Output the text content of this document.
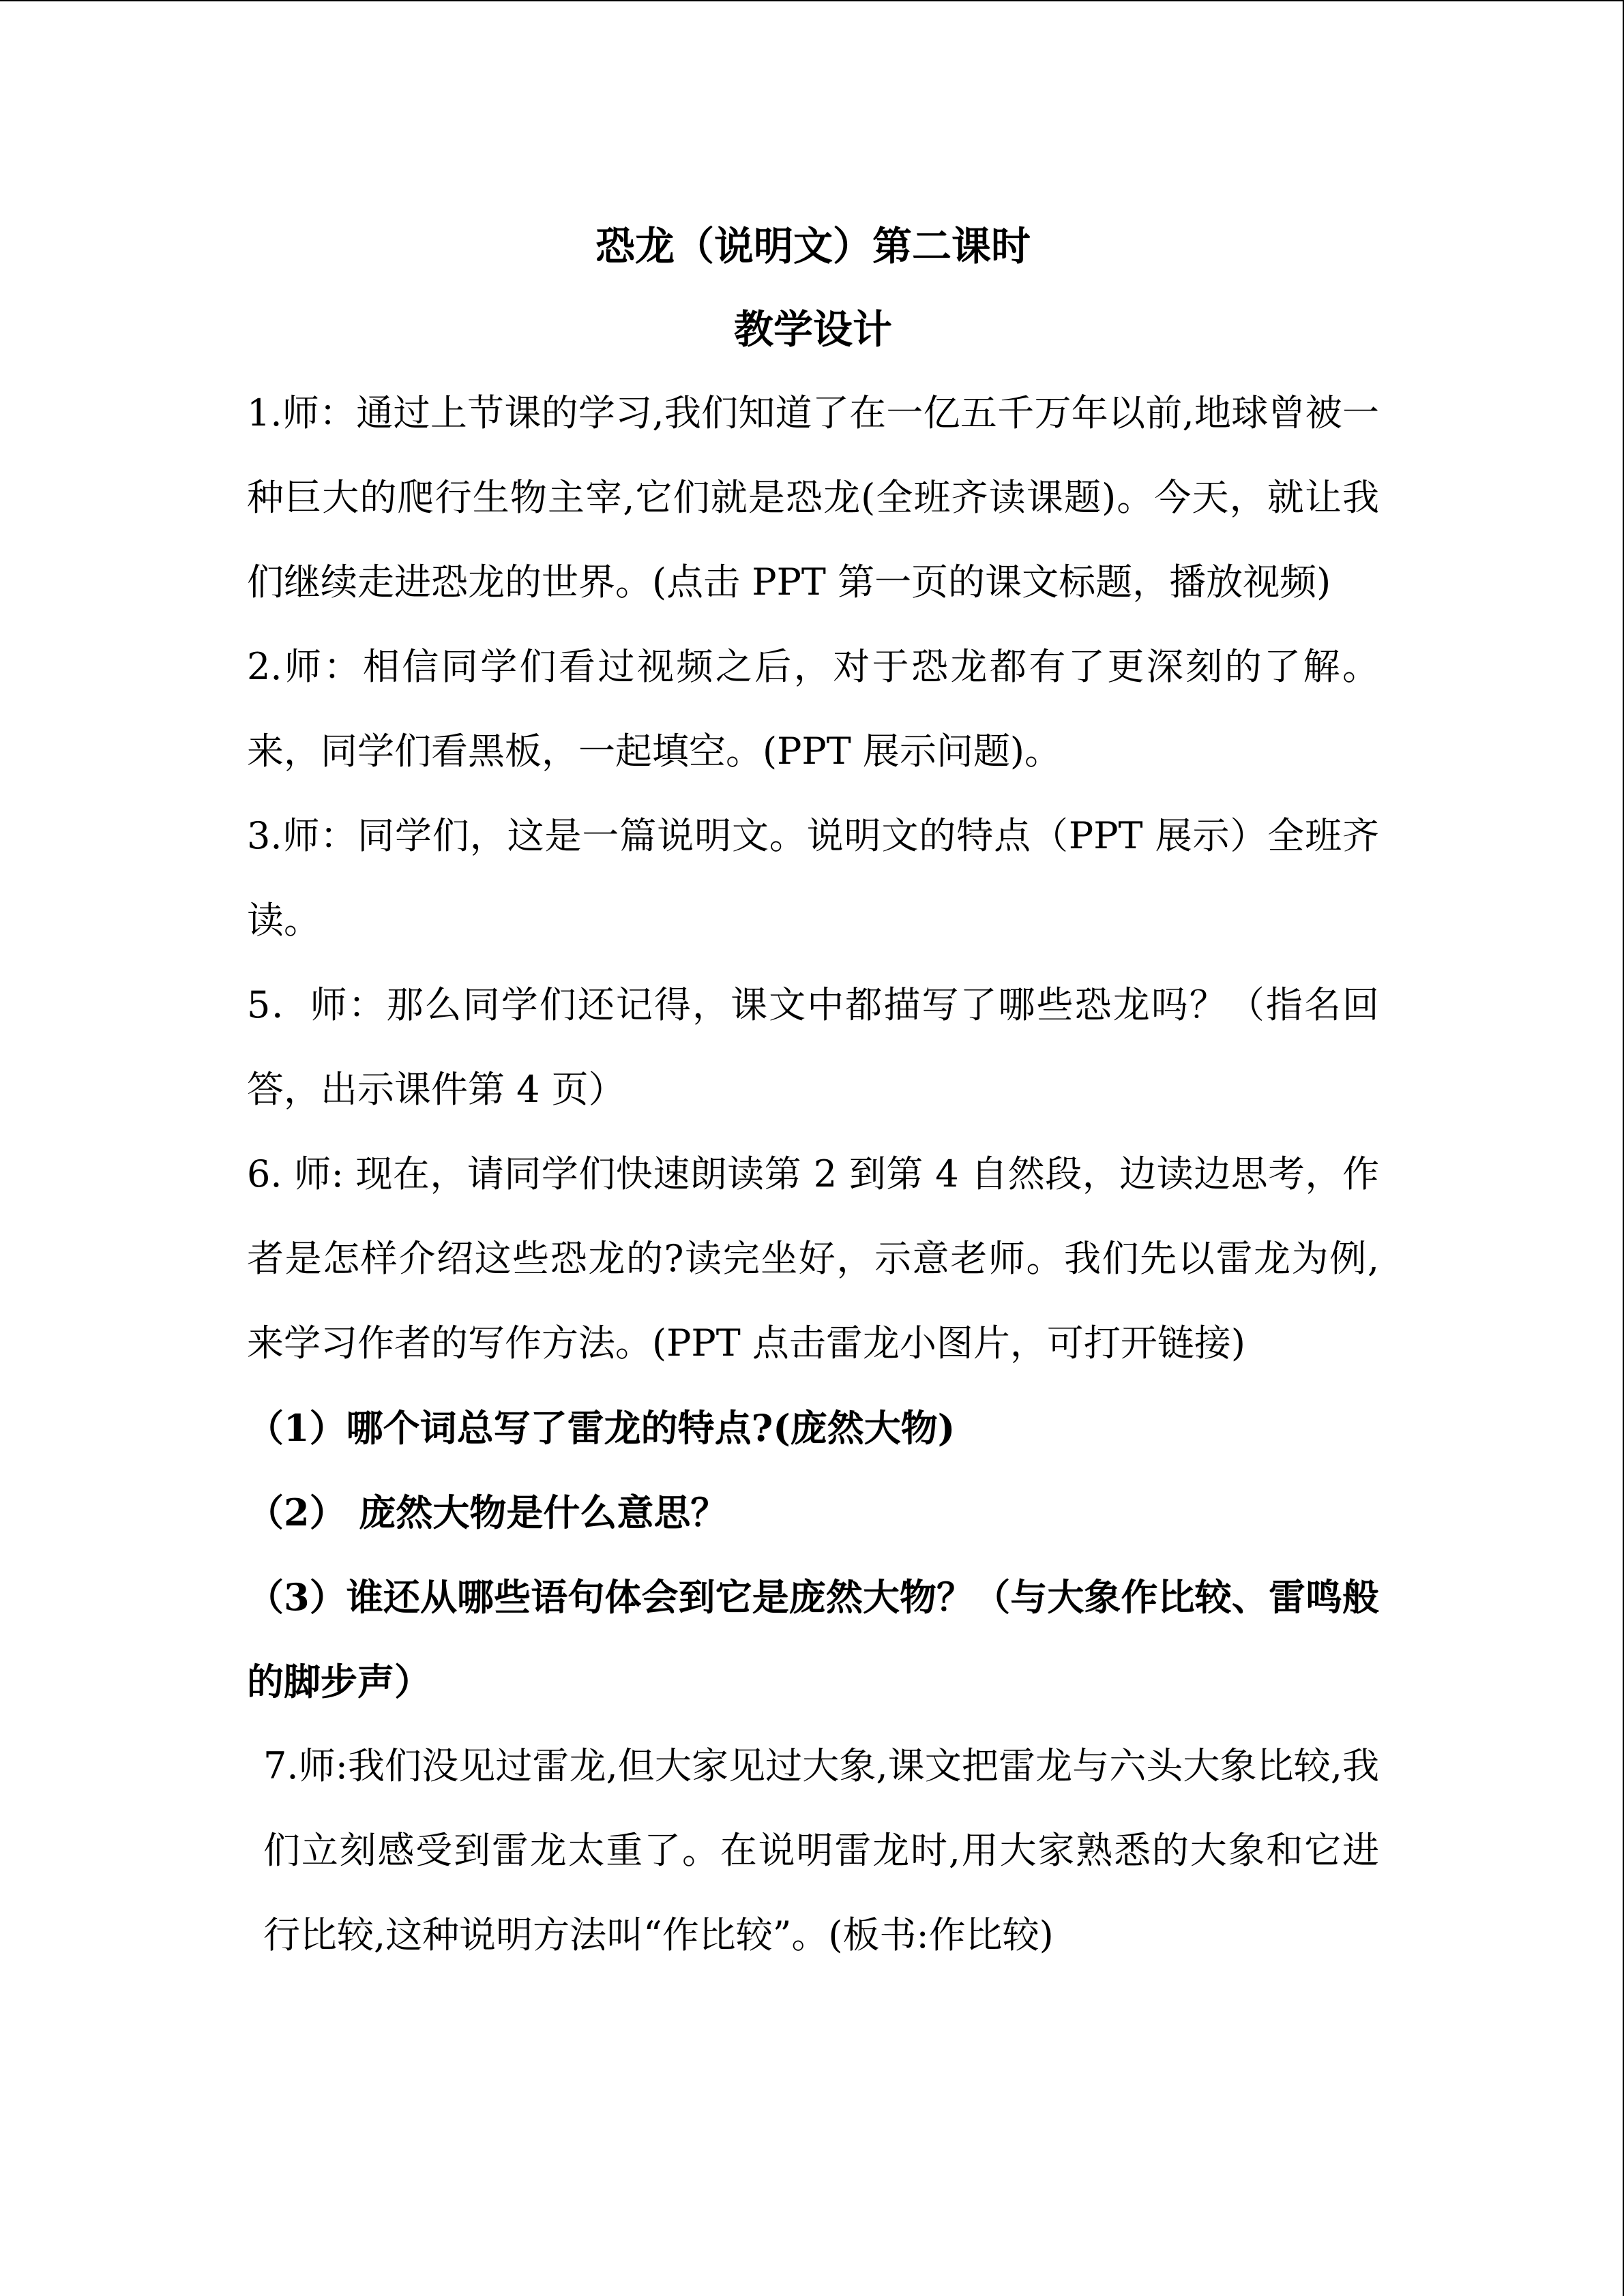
恐龙（说明文）第二课时
教学设计

1.师：通过上节课的学习,我们知道了在一亿五千万年以前,地球曾被一种巨大的爬行生物主宰,它们就是恐龙(全班齐读课题)。今天，就让我们继续走进恐龙的世界。(点击 PPT 第一页的课文标题，播放视频)

2.师：相信同学们看过视频之后，对于恐龙都有了更深刻的了解。来，同学们看黑板，一起填空。(PPT 展示问题)。

3.师：同学们，这是一篇说明文。说明文的特点（PPT 展示）全班齐读。

5．师：那么同学们还记得，课文中都描写了哪些恐龙吗？（指名回答，出示课件第 4 页）

6. 师: 现在，请同学们快速朗读第 2 到第 4 自然段，边读边思考，作者是怎样介绍这些恐龙的?读完坐好，示意老师。我们先以雷龙为例,来学习作者的写作方法。(PPT 点击雷龙小图片，可打开链接)

（1）哪个词总写了雷龙的特点?(庞然大物)

（2） 庞然大物是什么意思？

（3）谁还从哪些语句体会到它是庞然大物？（与大象作比较、雷鸣般的脚步声）

7.师:我们没见过雷龙,但大家见过大象,课文把雷龙与六头大象比较,我们立刻感受到雷龙太重了。在说明雷龙时,用大家熟悉的大象和它进行比较,这种说明方法叫“作比较”。(板书:作比较)
